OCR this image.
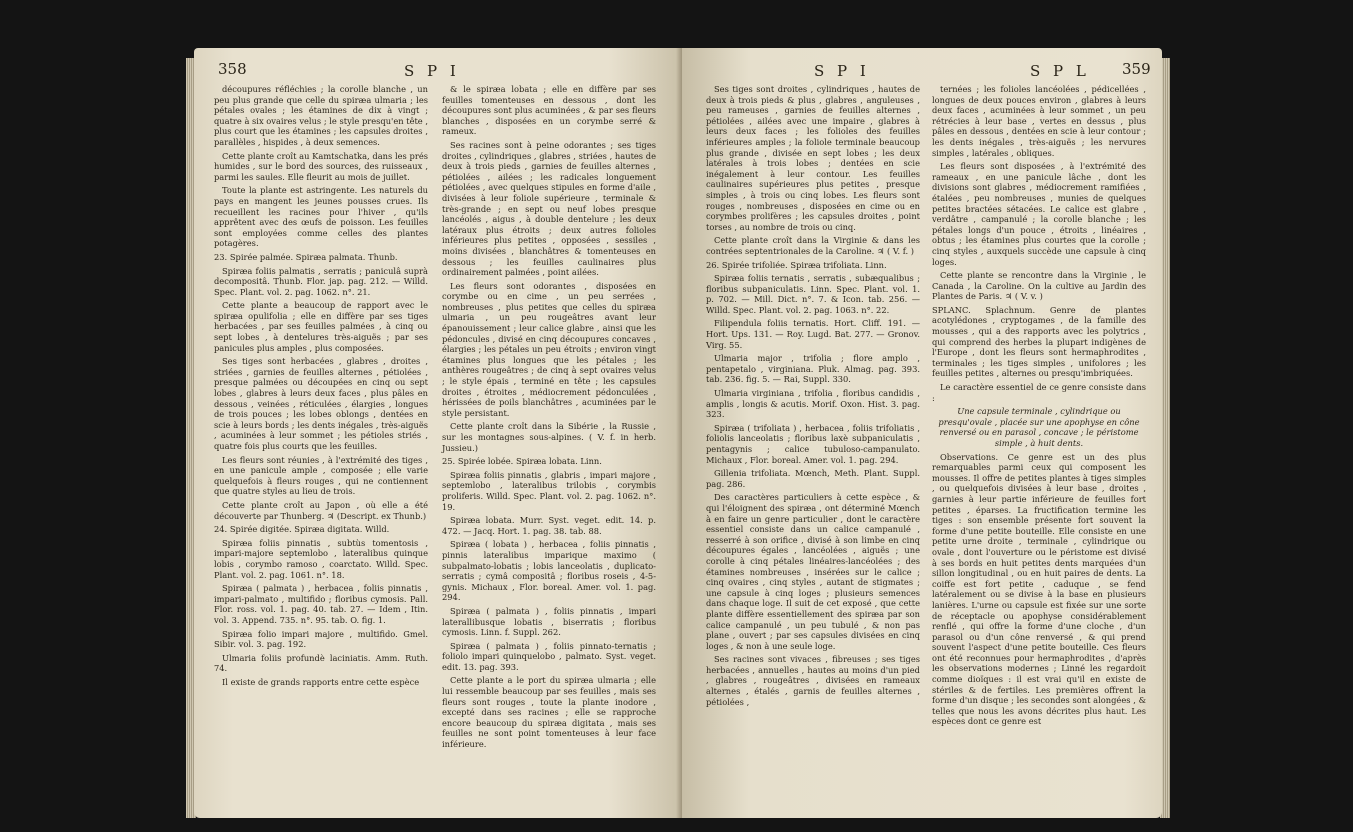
358	S P I

découpures réfléchies ; la corolle blanche , un peu plus grande que celle du spiræa ulmaria ; les pétales ovales ; les étamines de dix à vingt ; quatre à six ovaires velus ; le style presqu'en tête , plus court que les étamines ; les capsules droites , parallèles , hispides , à deux semences.

Cette plante croît au Kamtschatka, dans les prés humides , sur le bord des sources, des ruisseaux , parmi les saules. Elle fleurit au mois de juillet.

Toute la plante est astringente. Les naturels du pays en mangent les jeunes pousses crues. Ils recueillent les racines pour l'hiver , qu'ils apprêtent avec des œufs de poisson. Les feuilles sont employées comme celles des plantes potagères.

23. Spirée palmée. Spiræa palmata. Thunb.

Spiræa foliis palmatis , serratis ; paniculâ suprà decompositâ. Thunb. Flor. jap. pag. 212. — Willd. Spec. Plant. vol. 2. pag. 1062. n°. 21.

Cette plante a beaucoup de rapport avec le spiræa opulifolia ; elle en diffère par ses tiges herbacées , par ses feuilles palmées , à cinq ou sept lobes , à dentelures très-aiguës ; par ses panicules plus amples , plus composées.

Ses tiges sont herbacées , glabres , droites , striées , garnies de feuilles alternes , pétiolées , presque palmées ou découpées en cinq ou sept lobes , glabres à leurs deux faces , plus pâles en dessous , veinées , réticulées , élargies , longues de trois pouces ; les lobes oblongs , dentées en scie à leurs bords ; les dents inégales , très-aiguës , acuminées à leur sommet ; les pétioles striés , quatre fois plus courts que les feuilles.

Les fleurs sont réunies , à l'extrémité des tiges , en une panicule ample , composée ; elle varie quelquefois à fleurs rouges , qui ne contiennent que quatre styles au lieu de trois.

Cette plante croît au Japon , où elle a été découverte par Thunberg. ♃ (Descript. ex Thunb.)

24. Spirée digitée. Spiræa digitata. Willd.

Spiræa foliis pinnatis , subtùs tomentosis , impari-majore septemlobo , lateralibus quinque lobis , corymbo ramoso , coarctato. Willd. Spec. Plant. vol. 2. pag. 1061. n°. 18.

Spiræa ( palmata ) , herbacea , foliis pinnatis , impari-palmato , multifido ; floribus cymosis. Pall. Flor. ross. vol. 1. pag. 40. tab. 27. — Idem , Itin. vol. 3. Append. 735. n°. 95. tab. O. fig. 1.

Spiræa folio impari majore , multifido. Gmel. Sibir. vol. 3. pag. 192.

Ulmaria foliis profundè laciniatis. Amm. Ruth. 74.

Il existe de grands rapports entre cette espèce

& le spiræa lobata ; elle en diffère par ses feuilles tomenteuses en dessous , dont les découpures sont plus acuminées , & par ses fleurs blanches , disposées en un corymbe serré & rameux.

Ses racines sont à peine odorantes ; ses tiges droites , cylindriques , glabres , striées , hautes de deux à trois pieds , garnies de feuilles alternes , pétiolées , ailées ; les radicales longuement pétiolées , avec quelques stipules en forme d'aile , divisées à leur foliole supérieure , terminale & très-grande ; en sept ou neuf lobes presque lancéolés , aigus , à double dentelure ; les deux latéraux plus étroits ; deux autres folioles inférieures plus petites , opposées , sessiles , moins divisées , blanchâtres & tomenteuses en dessous ; les feuilles caulinaires plus ordinairement palmées , point ailées.

Les fleurs sont odorantes , disposées en corymbe ou en cime , un peu serrées , nombreuses , plus petites que celles du spiræa ulmaria , un peu rougeâtres avant leur épanouissement ; leur calice glabre , ainsi que les pédoncules , divisé en cinq découpures concaves , élargies ; les pétales un peu étroits ; environ vingt étamines plus longues que les pétales ; les anthères rougeâtres ; de cinq à sept ovaires velus ; le style épais , terminé en tête ; les capsules droites , étroites , médiocrement pédonculées , hérissées de poils blanchâtres , acuminées par le style persistant.

Cette plante croît dans la Sibérie , la Russie , sur les montagnes sous-alpines. ( V. f. in herb. Jussieu.)

25. Spirée lobée. Spiræa lobata. Linn.

Spiræa foliis pinnatis , glabris , impari majore , septemlobo , lateralibus trilobis , corymbis proliferis. Willd. Spec. Plant. vol. 2. pag. 1062. n°. 19.

Spiræa lobata. Murr. Syst. veget. edit. 14. p. 472. — Jacq. Hort. 1. pag. 38. tab. 88.

Spiræa ( lobata ) , herbacea , foliis pinnatis , pinnis lateralibus imparique maximo ( subpalmato-lobatis ; lobis lanceolatis , duplicato-serratis ; cymâ compositâ ; floribus roseis , 4-5-gynis. Michaux , Flor. boreal. Amer. vol. 1. pag. 294.

Spiræa ( palmata ) , foliis pinnatis , impari laterallibusque lobatis , biserratis ; floribus cymosis. Linn. f. Suppl. 262.

Spiræa ( palmata ) , foliis pinnato-ternatis ; foliolo impari quinquelobo , palmato. Syst. veget. edit. 13. pag. 393.

Cette plante a le port du spiræa ulmaria ; elle lui ressemble beaucoup par ses feuilles , mais ses fleurs sont rouges , toute la plante inodore , excepté dans ses racines ; elle se rapproche encore beaucoup du spiræa digitata , mais ses feuilles ne sont point tomenteuses à leur face inférieure.

S P I	S P L 359

Ses tiges sont droites , cylindriques , hautes de deux à trois pieds & plus , glabres , anguleuses , peu rameuses , garnies de feuilles alternes , pétiolées , ailées avec une impaire , glabres à leurs deux faces ; les folioles des feuilles inférieures amples ; la foliole terminale beaucoup plus grande , divisée en sept lobes ; les deux latérales à trois lobes ; dentées en scie inégalement à leur contour. Les feuilles caulinaires supérieures plus petites , presque simples , à trois ou cinq lobes. Les fleurs sont rouges , nombreuses , disposées en cime ou en corymbes prolifères ; les capsules droites , point torses , au nombre de trois ou cinq.

Cette plante croît dans la Virginie & dans les contrées septentrionales de la Caroline. ♃ ( V. f. )

26. Spirée trifoliée. Spiræa trifoliata. Linn.

Spiræa foliis ternatis , serratis , subæqualibus ; floribus subpaniculatis. Linn. Spec. Plant. vol. 1. p. 702. — Mill. Dict. n°. 7. & Icon. tab. 256. — Willd. Spec. Plant. vol. 2. pag. 1063. n°. 22.

Filipendula foliis ternatis. Hort. Cliff. 191. — Hort. Ups. 131. — Roy. Lugd. Bat. 277. — Gronov. Virg. 55.

Ulmaria major , trifolia ; flore amplo , pentapetalo , virginiana. Pluk. Almag. pag. 393. tab. 236. fig. 5. — Rai, Suppl. 330.

Ulmaria virginiana , trifolia , floribus candidis , amplis , longis & acutis. Morif. Oxon. Hist. 3. pag. 323.

Spiræa ( trifoliata ) , herbacea , foliis trifoliatis , foliolis lanceolatis ; floribus laxè subpaniculatis , pentagynis ; calice tubuloso-campanulato. Michaux , Flor. boreal. Amer. vol. 1. pag. 294.

Gillenia trifoliata. Mœnch, Meth. Plant. Suppl. pag. 286.

Des caractères particuliers à cette espèce , & qui l'éloignent des spiræa , ont déterminé Mœnch à en faire un genre particulier , dont le caractère essentiel consiste dans un calice campanulé , resserré à son orifice , divisé à son limbe en cinq découpures égales , lancéolées , aiguës ; une corolle à cinq pétales linéaires-lancéolées ; des étamines nombreuses , insérées sur le calice ; cinq ovaires , cinq styles , autant de stigmates ; une capsule à cinq loges ; plusieurs semences dans chaque loge. Il suit de cet exposé , que cette plante diffère essentiellement des spiræa par son calice campanulé , un peu tubulé , & non pas plane , ouvert ; par ses capsules divisées en cinq loges , & non à une seule loge.

Ses racines sont vivaces , fibreuses ; ses tiges herbacées , annuelles , hautes au moins d'un pied , glabres , rougeâtres , divisées en rameaux alternes , étalés , garnis de feuilles alternes , pétiolées ,

ternées ; les folioles lancéolées , pédicellées , longues de deux pouces environ , glabres à leurs deux faces , acuminées à leur sommet , un peu rétrécies à leur base , vertes en dessus , plus pâles en dessous , dentées en scie à leur contour ; les dents inégales , très-aiguës ; les nervures simples , latérales , obliques.

Les fleurs sont disposées , à l'extrémité des rameaux , en une panicule lâche , dont les divisions sont glabres , médiocrement ramifiées , étalées , peu nombreuses , munies de quelques petites bractées sétacées. Le calice est glabre , verdâtre , campanulé ; la corolle blanche ; les pétales longs d'un pouce , étroits , linéaires , obtus ; les étamines plus courtes que la corolle ; cinq styles , auxquels succède une capsule à cinq loges.

Cette plante se rencontre dans la Virginie , le Canada , la Caroline. On la cultive au Jardin des Plantes de Paris. ♃ ( V. v. )

SPLANC. Splachnum. Genre de plantes acotylédones , cryptogames , de la famille des mousses , qui a des rapports avec les polytrics , qui comprend des herbes la plupart indigènes de l'Europe , dont les fleurs sont hermaphrodites , terminales ; les tiges simples , unifolores ; les feuilles petites , alternes ou presqu'imbriquées.

Le caractère essentiel de ce genre consiste dans :

Une capsule terminale , cylindrique ou presqu'ovale , placée sur une apophyse en cône renversé ou en parasol , concave ; le péristome simple , à huit dents.

Observations. Ce genre est un des plus remarquables parmi ceux qui composent les mousses. Il offre de petites plantes à tiges simples , ou quelquefois divisées à leur base , droites , garnies à leur partie inférieure de feuilles fort petites , éparses. La fructification termine les tiges : son ensemble présente fort souvent la forme d'une petite bouteille. Elle consiste en une petite urne droite , terminale , cylindrique ou ovale , dont l'ouverture ou le péristome est divisé à ses bords en huit petites dents marquées d'un sillon longitudinal , ou en huit paires de dents. La coiffe est fort petite , caduque , se fend latéralement ou se divise à la base en plusieurs lanières. L'urne ou capsule est fixée sur une sorte de réceptacle ou apophyse considérablement renflé , qui offre la forme d'une cloche , d'un parasol ou d'un cône renversé , & qui prend souvent l'aspect d'une petite bouteille. Ces fleurs ont été reconnues pour hermaphrodites , d'après les observations modernes ; Linné les regardoit comme dioïques : il est vrai qu'il en existe de stériles & de fertiles. Les premières offrent la forme d'un disque ; les secondes sont alongées , & telles que nous les avons décrites plus haut. Les espèces dont ce genre est
